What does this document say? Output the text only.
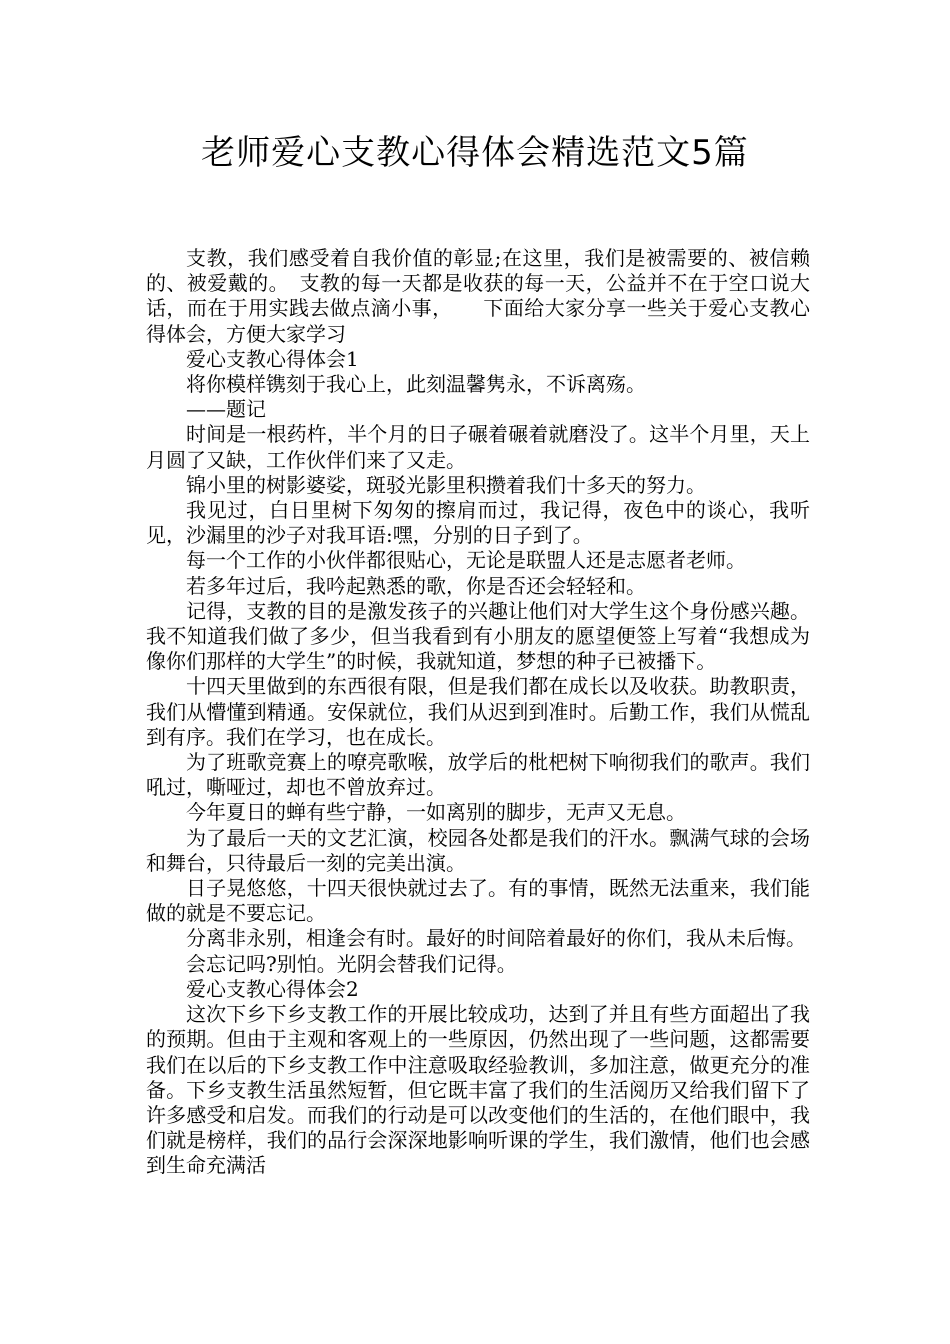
老师爱心支教心得体会精选范文5篇

支教，我们感受着自我价值的彰显;在这里，我们是被需要的、被信赖的、被爱戴的。　支教的每一天都是收获的每一天，公益并不在于空口说大话，而在于用实践去做点滴小事，　　下面给大家分享一些关于爱心支教心得体会，方便大家学习

爱心支教心得体会1

将你模样镌刻于我心上，此刻温馨隽永，不诉离殇。

——题记

时间是一根药杵，半个月的日子碾着碾着就磨没了。这半个月里，天上月圆了又缺，工作伙伴们来了又走。

锦小里的树影婆娑，斑驳光影里积攒着我们十多天的努力。

我见过，白日里树下匆匆的擦肩而过，我记得，夜色中的谈心，我听见，沙漏里的沙子对我耳语:嘿，分别的日子到了。

每一个工作的小伙伴都很贴心，无论是联盟人还是志愿者老师。

若多年过后，我吟起熟悉的歌，你是否还会轻轻和。

记得，支教的目的是激发孩子的兴趣让他们对大学生这个身份感兴趣。我不知道我们做了多少，但当我看到有小朋友的愿望便签上写着“我想成为像你们那样的大学生”的时候，我就知道，梦想的种子已被播下。

十四天里做到的东西很有限，但是我们都在成长以及收获。助教职责，我们从懵懂到精通。安保就位，我们从迟到到准时。后勤工作，我们从慌乱到有序。我们在学习，也在成长。

为了班歌竞赛上的嘹亮歌喉，放学后的枇杷树下响彻我们的歌声。我们吼过，嘶哑过，却也不曾放弃过。

今年夏日的蝉有些宁静，一如离别的脚步，无声又无息。

为了最后一天的文艺汇演，校园各处都是我们的汗水。飘满气球的会场和舞台，只待最后一刻的完美出演。

日子晃悠悠，十四天很快就过去了。有的事情，既然无法重来，我们能做的就是不要忘记。

分离非永别，相逢会有时。最好的时间陪着最好的你们，我从未后悔。

会忘记吗?别怕。光阴会替我们记得。

爱心支教心得体会2

这次下乡下乡支教工作的开展比较成功，达到了并且有些方面超出了我的预期。但由于主观和客观上的一些原因，仍然出现了一些问题，这都需要我们在以后的下乡支教工作中注意吸取经验教训，多加注意，做更充分的准备。下乡支教生活虽然短暂，但它既丰富了我们的生活阅历又给我们留下了许多感受和启发。而我们的行动是可以改变他们的生活的，在他们眼中，我们就是榜样，我们的品行会深深地影响听课的学生，我们激情，他们也会感到生命充满活
